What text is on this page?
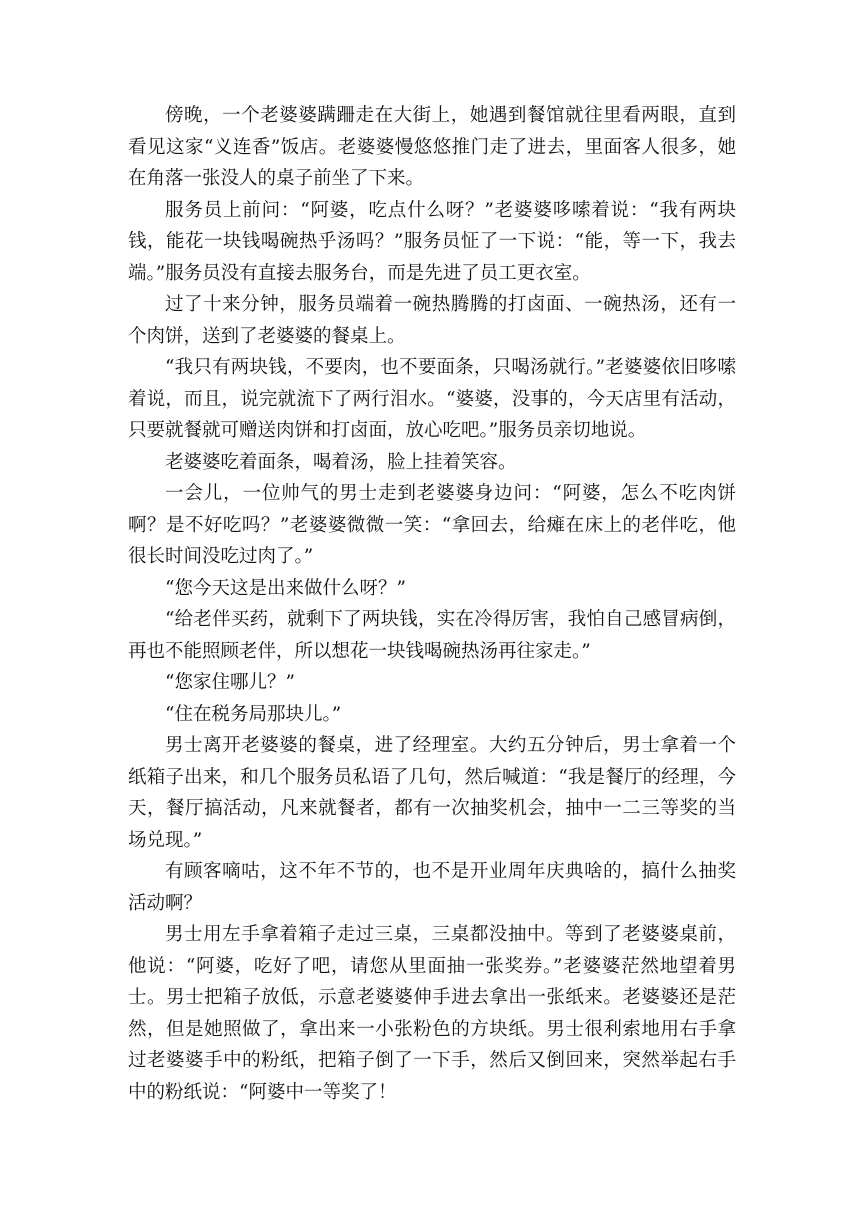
傍晚，一个老婆婆蹒跚走在大街上，她遇到餐馆就往里看两眼，直到看见这家“义连香”饭店。老婆婆慢悠悠推门走了进去，里面客人很多，她在角落一张没人的桌子前坐了下来。

服务员上前问：“阿婆，吃点什么呀？”老婆婆哆嗦着说：“我有两块钱，能花一块钱喝碗热乎汤吗？”服务员怔了一下说：“能，等一下，我去端。”服务员没有直接去服务台，而是先进了员工更衣室。

过了十来分钟，服务员端着一碗热腾腾的打卤面、一碗热汤，还有一个肉饼，送到了老婆婆的餐桌上。

“我只有两块钱，不要肉，也不要面条，只喝汤就行。”老婆婆依旧哆嗦着说，而且，说完就流下了两行泪水。“婆婆，没事的，今天店里有活动，只要就餐就可赠送肉饼和打卤面，放心吃吧。”服务员亲切地说。

老婆婆吃着面条，喝着汤，脸上挂着笑容。

一会儿，一位帅气的男士走到老婆婆身边问：“阿婆，怎么不吃肉饼啊？是不好吃吗？”老婆婆微微一笑：“拿回去，给瘫在床上的老伴吃，他很长时间没吃过肉了。”

“您今天这是出来做什么呀？”

“给老伴买药，就剩下了两块钱，实在冷得厉害，我怕自己感冒病倒，再也不能照顾老伴，所以想花一块钱喝碗热汤再往家走。”

“您家住哪儿？”

“住在税务局那块儿。”

男士离开老婆婆的餐桌，进了经理室。大约五分钟后，男士拿着一个纸箱子出来，和几个服务员私语了几句，然后喊道：“我是餐厅的经理，今天，餐厅搞活动，凡来就餐者，都有一次抽奖机会，抽中一二三等奖的当场兑现。”

有顾客嘀咕，这不年不节的，也不是开业周年庆典啥的，搞什么抽奖活动啊？

男士用左手拿着箱子走过三桌，三桌都没抽中。等到了老婆婆桌前，他说：“阿婆，吃好了吧，请您从里面抽一张奖券。”老婆婆茫然地望着男士。男士把箱子放低，示意老婆婆伸手进去拿出一张纸来。老婆婆还是茫然，但是她照做了，拿出来一小张粉色的方块纸。男士很利索地用右手拿过老婆婆手中的粉纸，把箱子倒了一下手，然后又倒回来，突然举起右手中的粉纸说：“阿婆中一等奖了！
